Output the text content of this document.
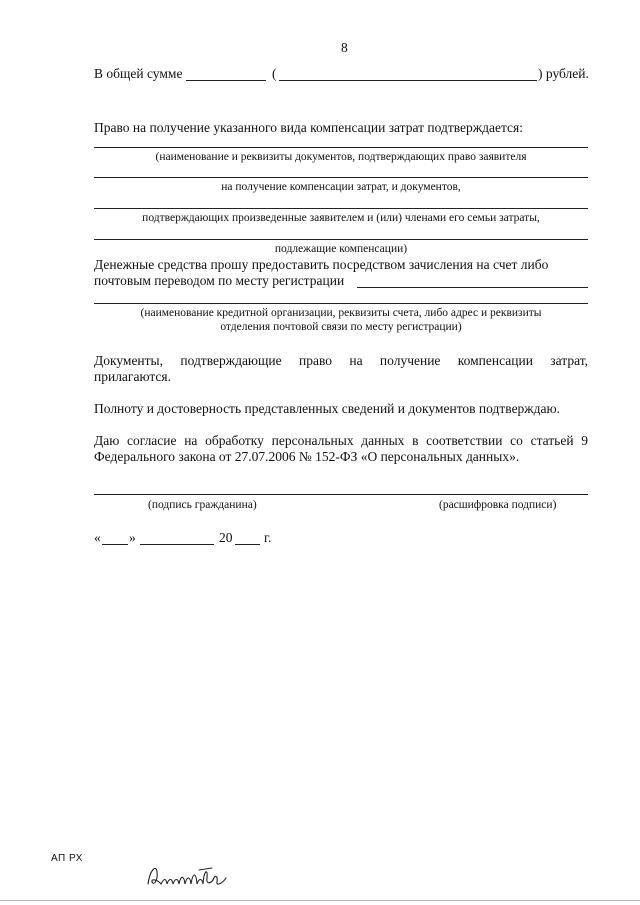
8
В общей сумме	(	) рублей.
Право на получение указанного вида компенсации затрат подтверждается:
(наименование и реквизиты документов, подтверждающих право заявителя
на получение компенсации затрат, и документов,
подтверждающих произведенные заявителем и (или) членами его семьи затраты,
подлежащие компенсации)
Денежные средства прошу предоставить посредством зачисления на счет либо
почтовым переводом по месту регистрации
(наименование кредитной организации, реквизиты счета, либо адрес и реквизиты
отделения почтовой связи по месту регистрации)
Документы, подтверждающие право на получение компенсации затрат,
прилагаются.
Полноту и достоверность представленных сведений и документов подтверждаю.
Даю согласие на обработку персональных данных в соответствии со статьей 9
Федерального закона от 27.07.2006 № 152-ФЗ «О персональных данных».
(подпись гражданина)	(расшифровка подписи)
« »	20 г.
АП РХ
